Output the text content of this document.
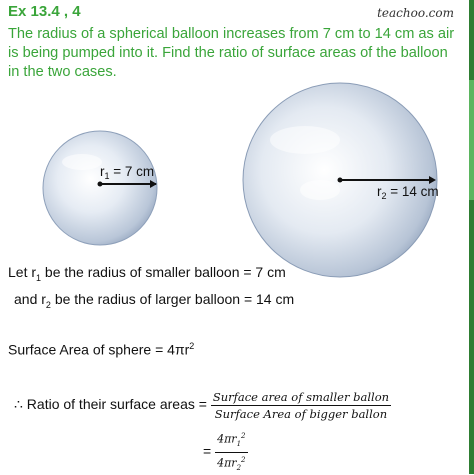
Ex 13.4 , 4	teachoo.com
The radius of a spherical balloon increases from 7 cm to 14 cm as air is being pumped into it. Find the ratio of surface areas of the balloon in the two cases.
$r_1 = 7$ cm
$r_2 = 14$ cm
Let $r_1$ be the radius of smaller balloon = 7 cm
and $r_2$ be the radius of larger balloon = 14 cm
Surface Area of sphere = $4\pi r^2$
∴ Ratio of their surface areas = $\frac{\text{Surface area of smaller ballon}}{\text{Surface Area of bigger ballon}}$
= $\frac{4\pi r_1^2}{4\pi r_2^2}$
